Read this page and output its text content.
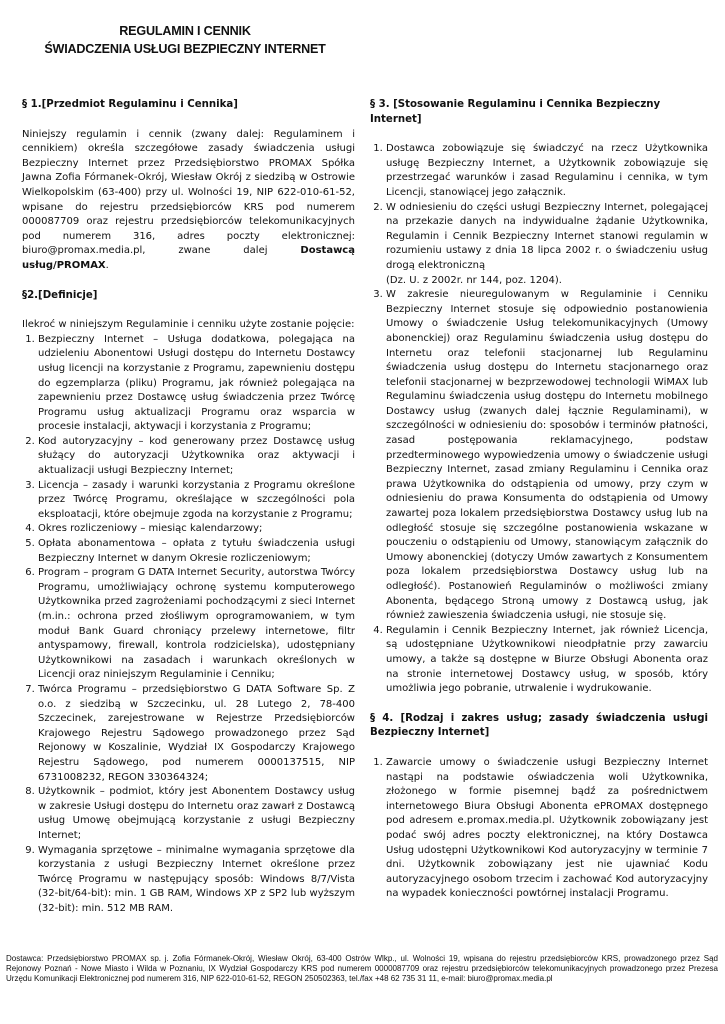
REGULAMIN I CENNIK
ŚWIADCZENIA USŁUGI BEZPIECZNY INTERNET

§ 1.[Przedmiot Regulaminu i Cennika]

Niniejszy regulamin i cennik (zwany dalej: Regulaminem i cennikiem) określa szczegółowe zasady świadczenia usługi Bezpieczny Internet przez Przedsiębiorstwo PROMAX Spółka Jawna Zofia Fórmanek-Okrój, Wiesław Okrój z siedzibą w Ostrowie Wielkopolskim (63-400) przy ul. Wolności 19, NIP 622-010-61-52, wpisane do rejestru przedsiębiorców KRS pod numerem 000087709 oraz rejestru przedsiębiorców telekomunikacyjnych pod numerem 316, adres poczty elektronicznej: biuro@promax.media.pl, zwane dalej	Dostawcą usług/PROMAX.

§2.[Definicje]

Ilekroć w niniejszym Regulaminie i cenniku użyte zostanie pojęcie:

1. Bezpieczny Internet – Usługa dodatkowa, polegająca na udzieleniu Abonentowi Usługi dostępu do Internetu Dostawcy usług licencji na korzystanie z Programu, zapewnieniu dostępu do egzemplarza (pliku) Programu, jak również polegająca na zapewnieniu przez Dostawcę usług świadczenia przez Twórcę Programu usług aktualizacji Programu oraz wsparcia w procesie instalacji, aktywacji i korzystania z Programu;
2. Kod autoryzacyjny – kod generowany przez Dostawcę usług służący do autoryzacji Użytkownika oraz aktywacji i aktualizacji usługi Bezpieczny Internet;
3. Licencja – zasady i warunki korzystania z Programu określone przez Twórcę Programu, określające w szczególności pola eksploatacji, które obejmuje zgoda na korzystanie z Programu;
4. Okres rozliczeniowy – miesiąc kalendarzowy;
5. Opłata abonamentowa – opłata z tytułu świadczenia usługi Bezpieczny Internet w danym Okresie rozliczeniowym;
6. Program – program G DATA Internet Security, autorstwa Twórcy Programu, umożliwiający ochronę systemu komputerowego Użytkownika przed zagrożeniami pochodzącymi z sieci Internet (m.in.: ochrona przed złośliwym oprogramowaniem, w tym moduł Bank Guard chroniący przelewy internetowe, filtr antyspamowy, firewall, kontrola rodzicielska), udostępniany Użytkownikowi na zasadach i warunkach określonych w Licencji oraz niniejszym Regulaminie i Cenniku;
7. Twórca Programu – przedsiębiorstwo G DATA Software Sp. Z o.o. z siedzibą w Szczecinku, ul. 28 Lutego 2, 78-400 Szczecinek, zarejestrowane w Rejestrze Przedsiębiorców Krajowego Rejestru Sądowego prowadzonego przez Sąd Rejonowy w Koszalinie, Wydział IX Gospodarczy Krajowego Rejestru Sądowego, pod numerem 0000137515, NIP 6731008232, REGON 330364324;
8. Użytkownik – podmiot, który jest Abonentem Dostawcy usług w zakresie Usługi dostępu do Internetu oraz zawarł z Dostawcą usług Umowę obejmującą korzystanie z usługi Bezpieczny Internet;
9. Wymagania sprzętowe – minimalne wymagania sprzętowe dla korzystania z usługi Bezpieczny Internet określone przez Twórcę Programu w następujący sposób: Windows 8/7/Vista (32-bit/64-bit): min. 1 GB RAM, Windows XP z SP2 lub wyższym (32-bit): min. 512 MB RAM.

§ 3. [Stosowanie Regulaminu i Cennika Bezpieczny Internet]

1. Dostawca zobowiązuje się świadczyć na rzecz Użytkownika usługę Bezpieczny Internet, a Użytkownik zobowiązuje się przestrzegać warunków i zasad Regulaminu i cennika, w tym Licencji, stanowiącej jego załącznik.
2. W odniesieniu do części usługi Bezpieczny Internet, polegającej na przekazie danych na indywidualne żądanie Użytkownika, Regulamin i Cennik Bezpieczny Internet stanowi regulamin w rozumieniu ustawy z dnia 18 lipca 2002 r. o świadczeniu usług drogą elektroniczną
(Dz. U. z 2002r. nr 144, poz. 1204).
3. W zakresie nieuregulowanym w Regulaminie i Cenniku Bezpieczny Internet stosuje się odpowiednio postanowienia Umowy o świadczenie Usług telekomunikacyjnych (Umowy abonenckiej) oraz Regulaminu świadczenia usług dostępu do Internetu oraz telefonii stacjonarnej lub Regulaminu świadczenia usług dostępu do Internetu stacjonarnego oraz telefonii stacjonarnej w bezprzewodowej technologii WiMAX lub Regulaminu świadczenia usług dostępu do Internetu mobilnego Dostawcy usług (zwanych dalej łącznie Regulaminami), w szczególności w odniesieniu do: sposobów i terminów płatności, zasad postępowania reklamacyjnego, podstaw przedterminowego wypowiedzenia umowy o świadczenie usługi Bezpieczny Internet, zasad zmiany Regulaminu i Cennika oraz prawa Użytkownika do odstąpienia od umowy, przy czym w odniesieniu do prawa Konsumenta do odstąpienia od Umowy zawartej poza lokalem przedsiębiorstwa Dostawcy usług lub na odległość stosuje się szczególne postanowienia wskazane w pouczeniu o odstąpieniu od Umowy, stanowiącym załącznik do Umowy abonenckiej (dotyczy Umów zawartych z Konsumentem poza lokalem przedsiębiorstwa Dostawcy usług lub na odległość). Postanowień Regulaminów o możliwości zmiany Abonenta, będącego Stroną umowy z Dostawcą usług, jak również zawieszenia świadczenia usługi, nie stosuje się.
4. Regulamin i Cennik Bezpieczny Internet, jak również Licencja, są udostępniane Użytkownikowi nieodpłatnie przy zawarciu umowy, a także są dostępne w Biurze Obsługi Abonenta oraz na stronie internetowej Dostawcy usług, w sposób, który umożliwia jego pobranie, utrwalenie i wydrukowanie.

§ 4. [Rodzaj i zakres usług; zasady świadczenia usługi Bezpieczny Internet]

1. Zawarcie umowy o świadczenie usługi Bezpieczny Internet nastąpi na podstawie oświadczenia woli Użytkownika, złożonego w formie pisemnej bądź za pośrednictwem internetowego Biura Obsługi Abonenta ePROMAX dostępnego pod adresem e.promax.media.pl. Użytkownik zobowiązany jest podać swój adres poczty elektronicznej, na który Dostawca Usług udostępni Użytkownikowi Kod autoryzacyjny w terminie 7 dni. Użytkownik zobowiązany jest nie ujawniać Kodu autoryzacyjnego osobom trzecim i zachować Kod autoryzacyjny na wypadek konieczności powtórnej instalacji Programu.
Dostawca: Przedsiębiorstwo PROMAX sp. j. Zofia Fórmanek-Okrój, Wiesław Okrój, 63-400 Ostrów Wlkp., ul. Wolności 19, wpisana do rejestru przedsiębiorców KRS, prowadzonego przez Sąd Rejonowy Poznań - Nowe Miasto i Wilda w Poznaniu, IX Wydział Gospodarczy KRS pod numerem 0000087709 oraz rejestru przedsiębiorców telekomunikacyjnych prowadzonego przez Prezesa Urzędu Komunikacji Elektronicznej pod numerem 316, NIP 622-010-61-52, REGON 250502363, tel./fax +48 62 735 31 11, e-mail: biuro@promax.media.pl
